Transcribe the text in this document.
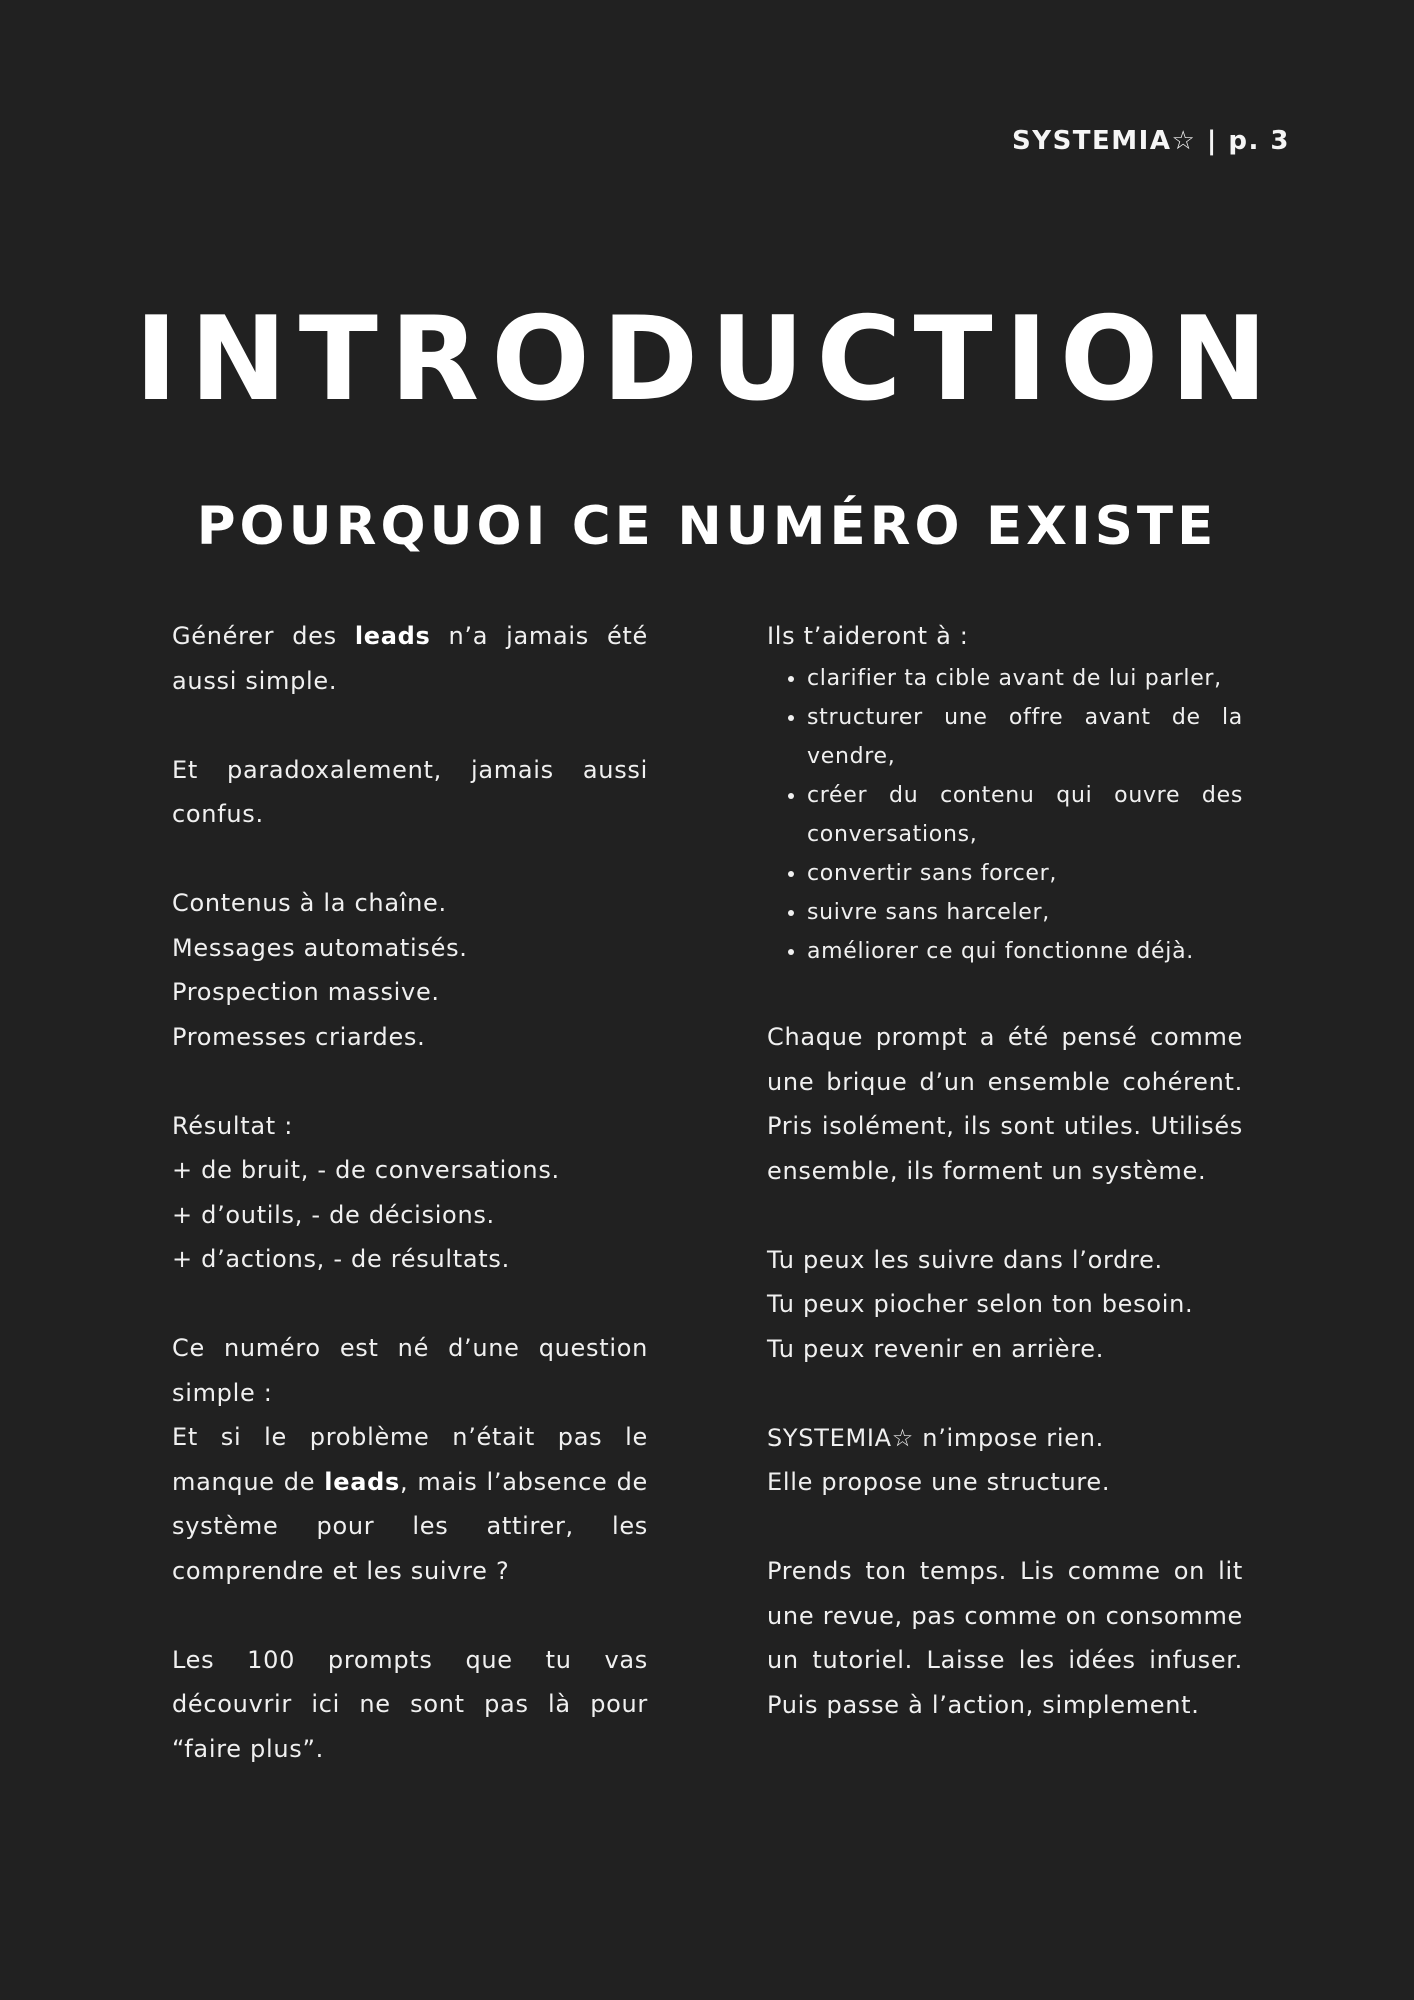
SYSTEMIA☆ | p. 3
INTRODUCTION
POURQUOI CE NUMÉRO EXISTE

Générer des leads n’a jamais été aussi simple.

Et paradoxalement, jamais aussi confus.

Contenus à la chaîne.
Messages automatisés.
Prospection massive.
Promesses criardes.

Résultat :
+ de bruit, - de conversations.
+ d’outils, - de décisions.
+ d’actions, - de résultats.

Ce numéro est né d’une question simple :

Et si le problème n’était pas le manque de leads, mais l’absence de système pour les attirer, les comprendre et les suivre ?

Les 100 prompts que tu vas découvrir ici ne sont pas là pour “faire plus”.

Ils t’aideront à :

• clarifier ta cible avant de lui parler,
• structurer une offre avant de la vendre,
• créer du contenu qui ouvre des conversations,
• convertir sans forcer,
• suivre sans harceler,
• améliorer ce qui fonctionne déjà.

Chaque prompt a été pensé comme une brique d’un ensemble cohérent. Pris isolément, ils sont utiles. Utilisés ensemble, ils forment un système.

Tu peux les suivre dans l’ordre.
Tu peux piocher selon ton besoin.
Tu peux revenir en arrière.

SYSTEMIA☆ n’impose rien.
Elle propose une structure.

Prends ton temps. Lis comme on lit une revue, pas comme on consomme un tutoriel. Laisse les idées infuser. Puis passe à l’action, simplement.
